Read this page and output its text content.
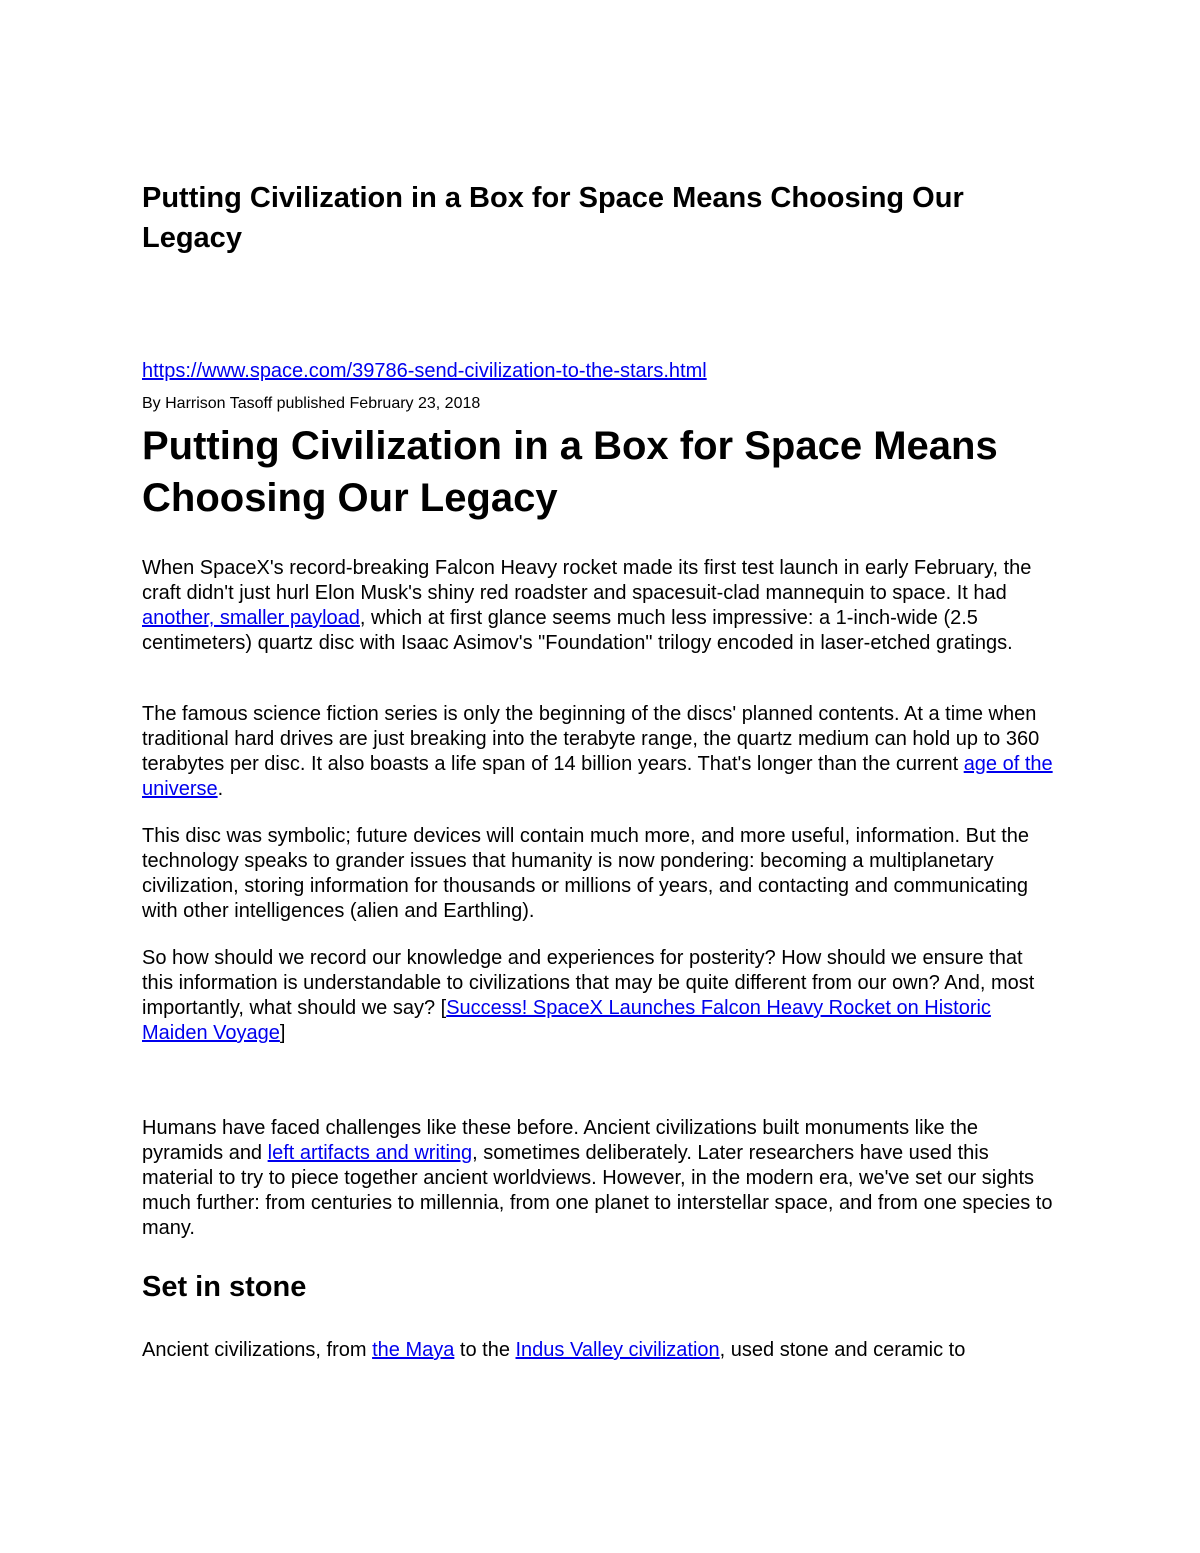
Putting Civilization in a Box for Space Means Choosing Our Legacy
https://www.space.com/39786-send-civilization-to-the-stars.html
By Harrison Tasoff published February 23, 2018
Putting Civilization in a Box for Space Means Choosing Our Legacy

When SpaceX's record-breaking Falcon Heavy rocket made its first test launch in early February, the craft didn't just hurl Elon Musk's shiny red roadster and spacesuit-clad mannequin to space. It had another, smaller payload, which at first glance seems much less impressive: a 1-inch-wide (2.5 centimeters) quartz disc with Isaac Asimov's "Foundation" trilogy encoded in laser-etched gratings.

The famous science fiction series is only the beginning of the discs' planned contents. At a time when traditional hard drives are just breaking into the terabyte range, the quartz medium can hold up to 360 terabytes per disc. It also boasts a life span of 14 billion years. That's longer than the current age of the universe.

This disc was symbolic; future devices will contain much more, and more useful, information. But the technology speaks to grander issues that humanity is now pondering: becoming a multiplanetary civilization, storing information for thousands or millions of years, and contacting and communicating with other intelligences (alien and Earthling).

So how should we record our knowledge and experiences for posterity? How should we ensure that this information is understandable to civilizations that may be quite different from our own? And, most importantly, what should we say? [Success! SpaceX Launches Falcon Heavy Rocket on Historic Maiden Voyage]

Humans have faced challenges like these before. Ancient civilizations built monuments like the pyramids and left artifacts and writing, sometimes deliberately. Later researchers have used this material to try to piece together ancient worldviews. However, in the modern era, we've set our sights much further: from centuries to millennia, from one planet to interstellar space, and from one species to many.

Set in stone

Ancient civilizations, from the Maya to the Indus Valley civilization, used stone and ceramic to
